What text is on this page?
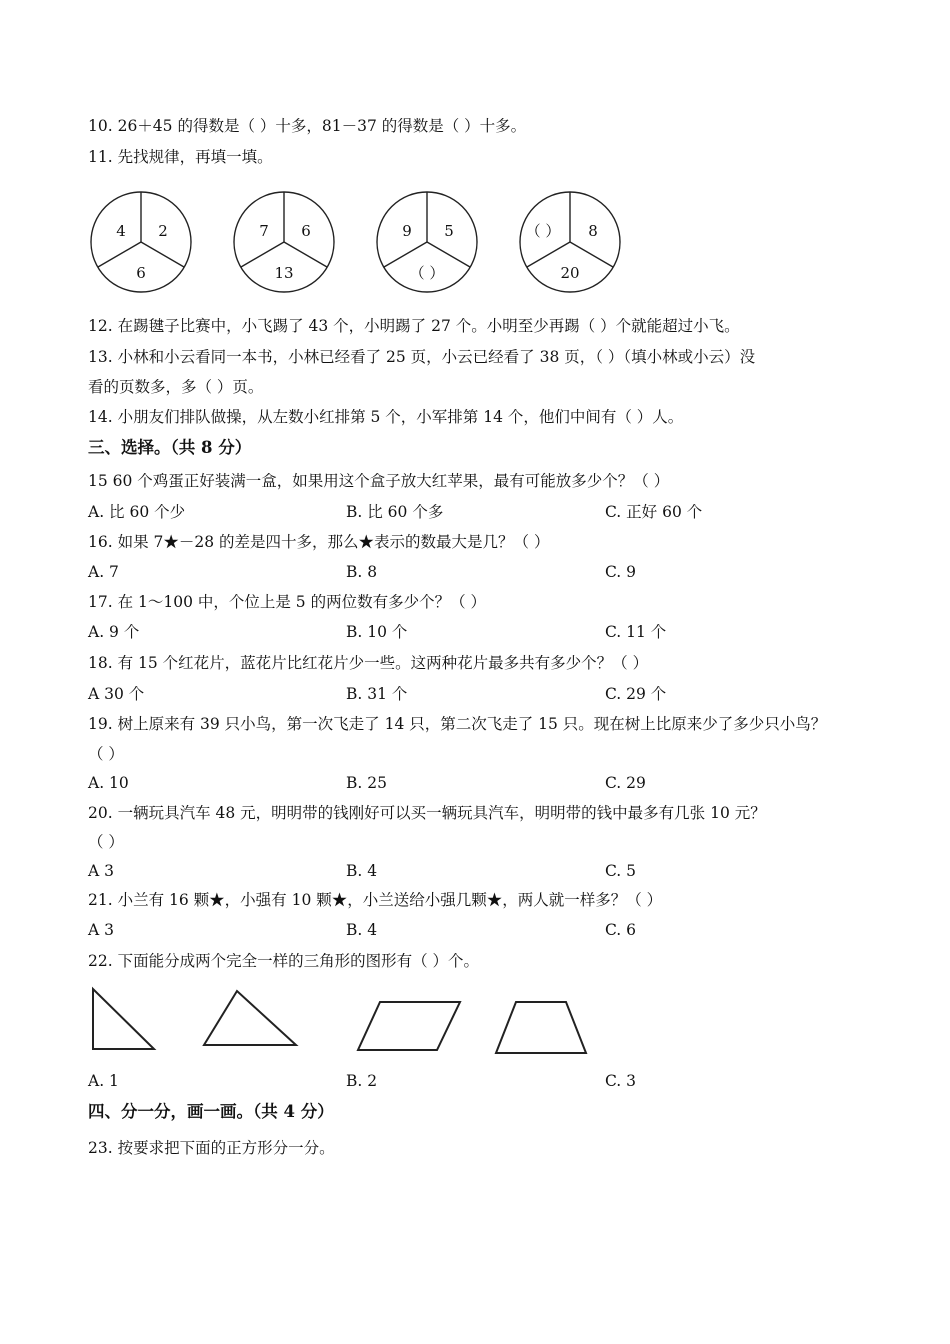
10. 26＋45 的得数是（ ）十多，81－37 的得数是（ ）十多。
11. 先找规律，再填一填。
4 2
6
7 6
13
9 5
（ ）
（ ） 8
20
12. 在踢毽子比赛中，小飞踢了 43 个，小明踢了 27 个。小明至少再踢（ ）个就能超过小飞。
13. 小林和小云看同一本书，小林已经看了 25 页，小云已经看了 38 页，（ ）（填小林或小云）没
看的页数多，多（ ）页。
14. 小朋友们排队做操，从左数小红排第 5 个，小军排第 14 个，他们中间有（ ）人。
三、选择。（共 8 分）
15 60 个鸡蛋正好装满一盒，如果用这个盒子放大红苹果，最有可能放多少个？（ ）
A. 比 60 个少	B. 比 60 个多	C. 正好 60 个
16. 如果 7★－28 的差是四十多，那么★表示的数最大是几？（ ）
A. 7	B. 8	C. 9
17. 在 1～100 中，个位上是 5 的两位数有多少个？（ ）
A. 9 个	B. 10 个	C. 11 个
18. 有 15 个红花片，蓝花片比红花片少一些。这两种花片最多共有多少个？（ ）
A 30 个	B. 31 个	C. 29 个
19. 树上原来有 39 只小鸟，第一次飞走了 14 只，第二次飞走了 15 只。现在树上比原来少了多少只小鸟？
（ ）
A. 10	B. 25	C. 29
20. 一辆玩具汽车 48 元，明明带的钱刚好可以买一辆玩具汽车，明明带的钱中最多有几张 10 元？
（ ）
A 3	B. 4	C. 5
21. 小兰有 16 颗★，小强有 10 颗★，小兰送给小强几颗★，两人就一样多？（ ）
A 3	B. 4	C. 6
22. 下面能分成两个完全一样的三角形的图形有（ ）个。
A. 1	B. 2	C. 3
四、分一分，画一画。（共 4 分）
23. 按要求把下面的正方形分一分。
